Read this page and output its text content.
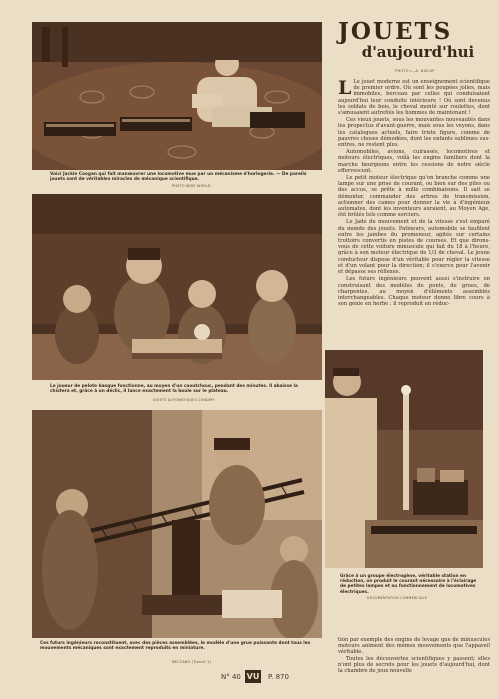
Voici Jackie Coogan qui fait manœuvrer une locomotive mue par un mécanisme d'horlogerie. — De pareils jouets sont de véritables miracles de mécanique scientifique.
PHOTO WIDE WORLD
JOUETS
d'aujourd'hui
PHOTO L.-A. BIELUP

L Le jouet moderne est un enseignement scientifique de premier ordre. Où sont les poupées jolies, mais immobiles, berceau par celles qui conduisaient aujourd'hui leur conduite intérieure ! Où sont devenus les soldats de bois, le cheval monté sur roulettes, dont s'amusaient autrefois les hommes de maintenant !

Ces vieux jouets, sous les mouvantes nouveautés dans les propectus d'avant-guerre, mais sous les veyons, dans les catalogues actuels, faire triste figure, comme de pauvres choses démodées, dont les enfants sublimes sus-entres, ne restent plus.

Automobiles, avions, cuirassés, locomotives et moteurs électriques, voilà les engins familiers dont la marche beurgeons entre les cessions de notre siècle effervescent.

Le petit moteur électrique qu'on branche comme une lampe sur une prise de courant, ou bien sur des piles ou des accus, se prête à mille combinaisons. Il sait se démonter, commander des arbres de transmission, actionner des cames pour donner la vie à d'ingénieux automates, dont les inventeurs auraient, au Moyen Age, été brûlés tels comme sorciers.

Le Jade du mouvement et de la vitesse s'est emparé du monde des jouets. Patineurs, automobile se faufilent entre les jambes du promeneur, agités sur certains trottoirs convertis en pistes de courses. Et que dirons-vous de cette voiture minuscule qui fait du 18 à l'heure, grâce à son moteur électrique de 1/3 de cheval. Le jeune conducteur dispose d'un véritable pour régler la vitesse et d'un volant pour la direction; il s'exerce pour l'avenir et dépasse ses réflexes.

Les futurs ingénieurs peuvent aussi s'instruire en construisant des modèles de ponts, de grues, de charpentes, au moyen d'éléments assemblés interchangeables. Chaque moteur donne libre cours à son génie en herbe : il reproduit en réduc-

Le joueur de pelote basque fonctionne, au moyen d'un caoutchouc, pendant des minutes. Il abaisse la chistera et, grâce à un déclic, il lance exactement la boule sur le plateau.
JOUETS AUTOMATIQUES CONDIRY
Grâce à un groupe électrogène, véritable station en réduction, on produit le courant nécessaire à l'éclairage de petites lampes et au fonctionnement de locomotives électriques.
DOCUMENTATION COMMERCIALE
Ces futurs ingénieurs reconstituent, avec des pièces assemblées, le modèle d'une grue puissante dont tous les mouvements mécaniques sont exactement reproduits en miniature.
MECCANO (Transit 1)

tion par exemple des engins de levage que de minuscules moteurs animent des mêmes mouvements que l'appareil véritable.

Toutes les découvertes scientifiques y passent; elles n'ont plus de secrets pour les jouets d'aujourd'hui, dont la chambre de jeux nouvelle

N° 40 VU P. 870
